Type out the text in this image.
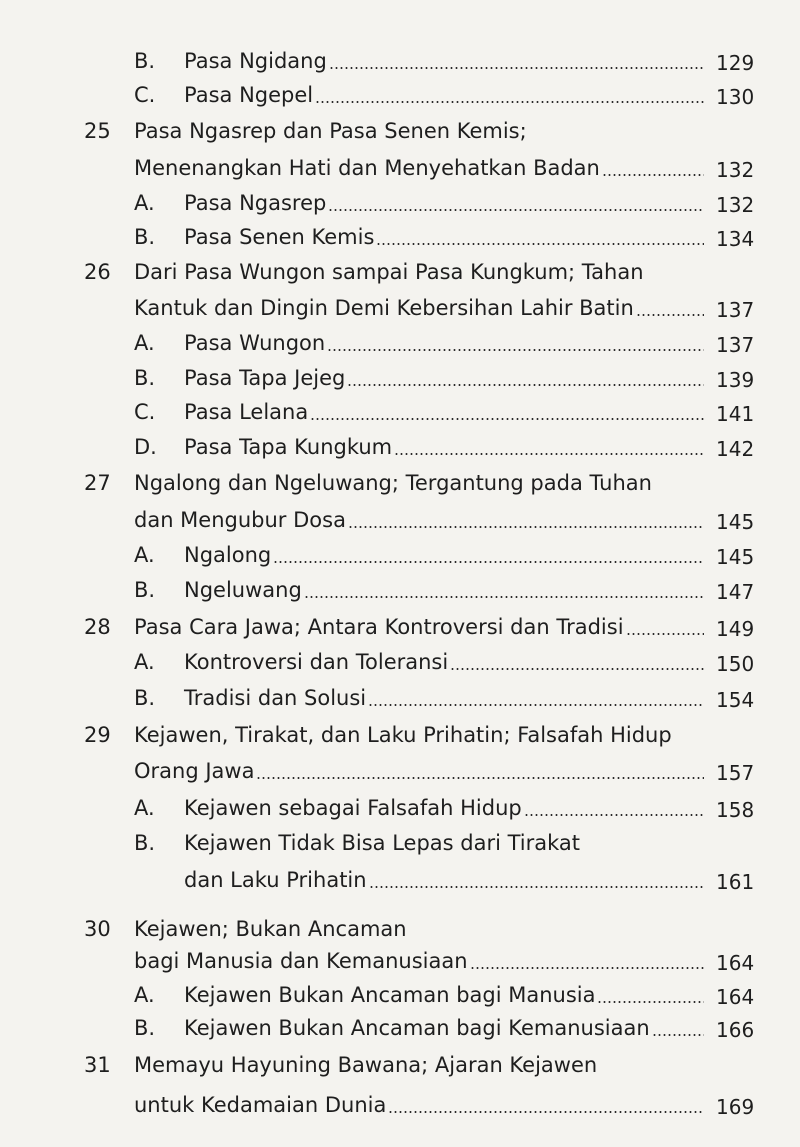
B.	Pasa Ngidang	129
C.	Pasa Ngepel	130
25	Pasa Ngasrep dan Pasa Senen Kemis;
Menenangkan Hati dan Menyehatkan Badan	132
A.	Pasa Ngasrep	132
B.	Pasa Senen Kemis	134
26	Dari Pasa Wungon sampai Pasa Kungkum; Tahan
Kantuk dan Dingin Demi Kebersihan Lahir Batin	137
A.	Pasa Wungon	137
B.	Pasa Tapa Jejeg	139
C.	Pasa Lelana	141
D.	Pasa Tapa Kungkum	142
27	Ngalong dan Ngeluwang; Tergantung pada Tuhan
dan Mengubur Dosa	145
A.	Ngalong	145
B.	Ngeluwang	147
28	Pasa Cara Jawa; Antara Kontroversi dan Tradisi	149
A.	Kontroversi dan Toleransi	150
B.	Tradisi dan Solusi	154
29	Kejawen, Tirakat, dan Laku Prihatin; Falsafah Hidup
Orang Jawa	157
A.	Kejawen sebagai Falsafah Hidup	158
B.	Kejawen Tidak Bisa Lepas dari Tirakat
dan Laku Prihatin	161
30	Kejawen; Bukan Ancaman
bagi Manusia dan Kemanusiaan	164
A.	Kejawen Bukan Ancaman bagi Manusia	164
B.	Kejawen Bukan Ancaman bagi Kemanusiaan	166
31	Memayu Hayuning Bawana; Ajaran Kejawen
untuk Kedamaian Dunia	169
